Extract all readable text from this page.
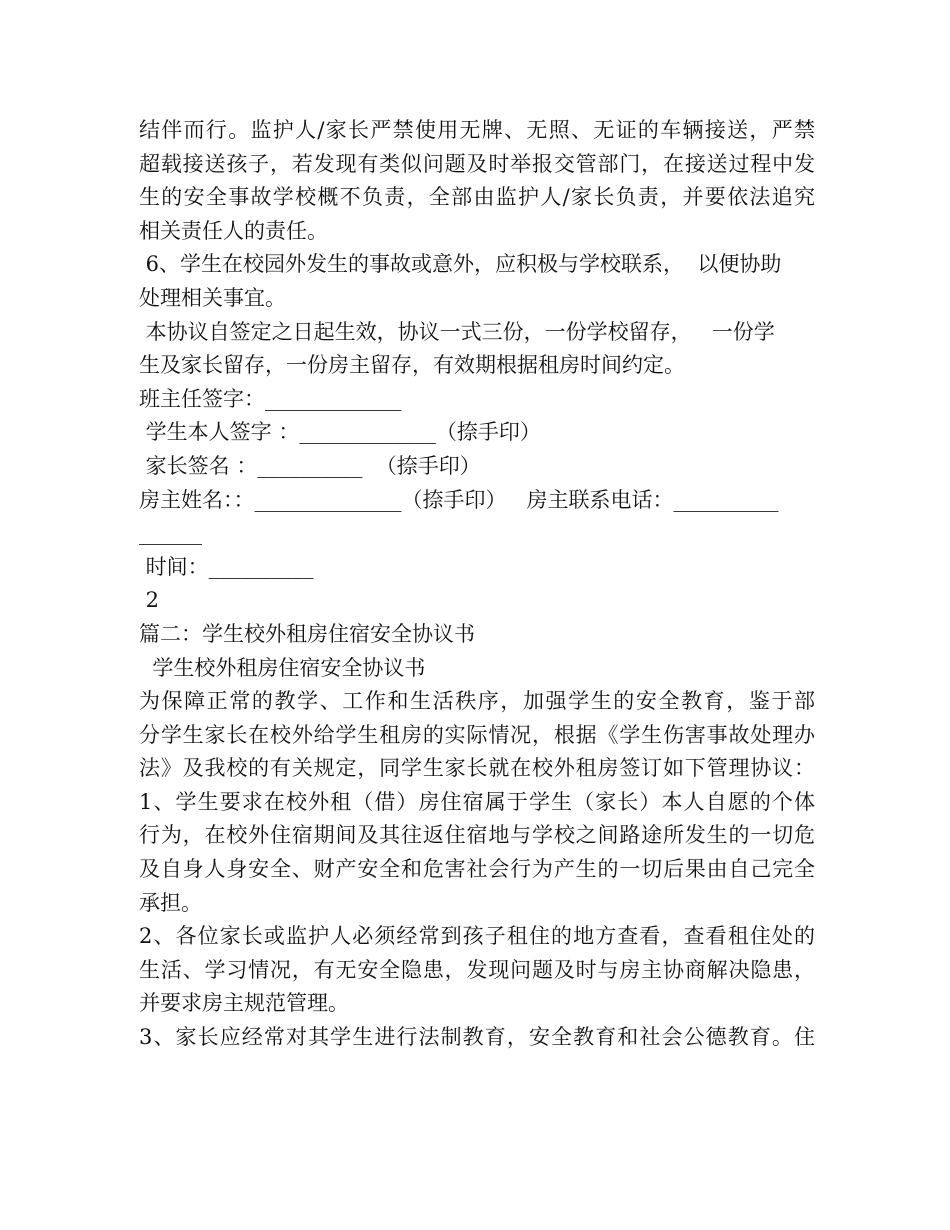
结伴而行。监护人/家长严禁使用无牌、无照、无证的车辆接送，严禁
超载接送孩子，若发现有类似问题及时举报交管部门，在接送过程中发
生的安全事故学校概不负责，全部由监护人/家长负责，并要依法追究
相关责任人的责任。
6、学生在校园外发生的事故或意外，应积极与学校联系，  以便协助
处理相关事宜。
本协议自签定之日起生效，协议一式三份，一份学校留存，   一份学
生及家长留存，一份房主留存，有效期根据租房时间约定。
班主任签字：_____________
学生本人签字 ：_____________（捺手印）
家长签名 ：__________  （捺手印）
房主姓名：：______________（捺手印）   房主联系电话：__________
______
时间：__________
2
篇二：学生校外租房住宿安全协议书
学生校外租房住宿安全协议书
为保障正常的教学、工作和生活秩序，加强学生的安全教育，鉴于部
分学生家长在校外给学生租房的实际情况，根据《学生伤害事故处理办
法》及我校的有关规定，同学生家长就在校外租房签订如下管理协议：
1、学生要求在校外租（借）房住宿属于学生（家长）本人自愿的个体
行为，在校外住宿期间及其往返住宿地与学校之间路途所发生的一切危
及自身人身安全、财产安全和危害社会行为产生的一切后果由自己完全
承担。
2、各位家长或监护人必须经常到孩子租住的地方查看，查看租住处的
生活、学习情况，有无安全隐患，发现问题及时与房主协商解决隐患，
并要求房主规范管理。
3、家长应经常对其学生进行法制教育，安全教育和社会公德教育。住
